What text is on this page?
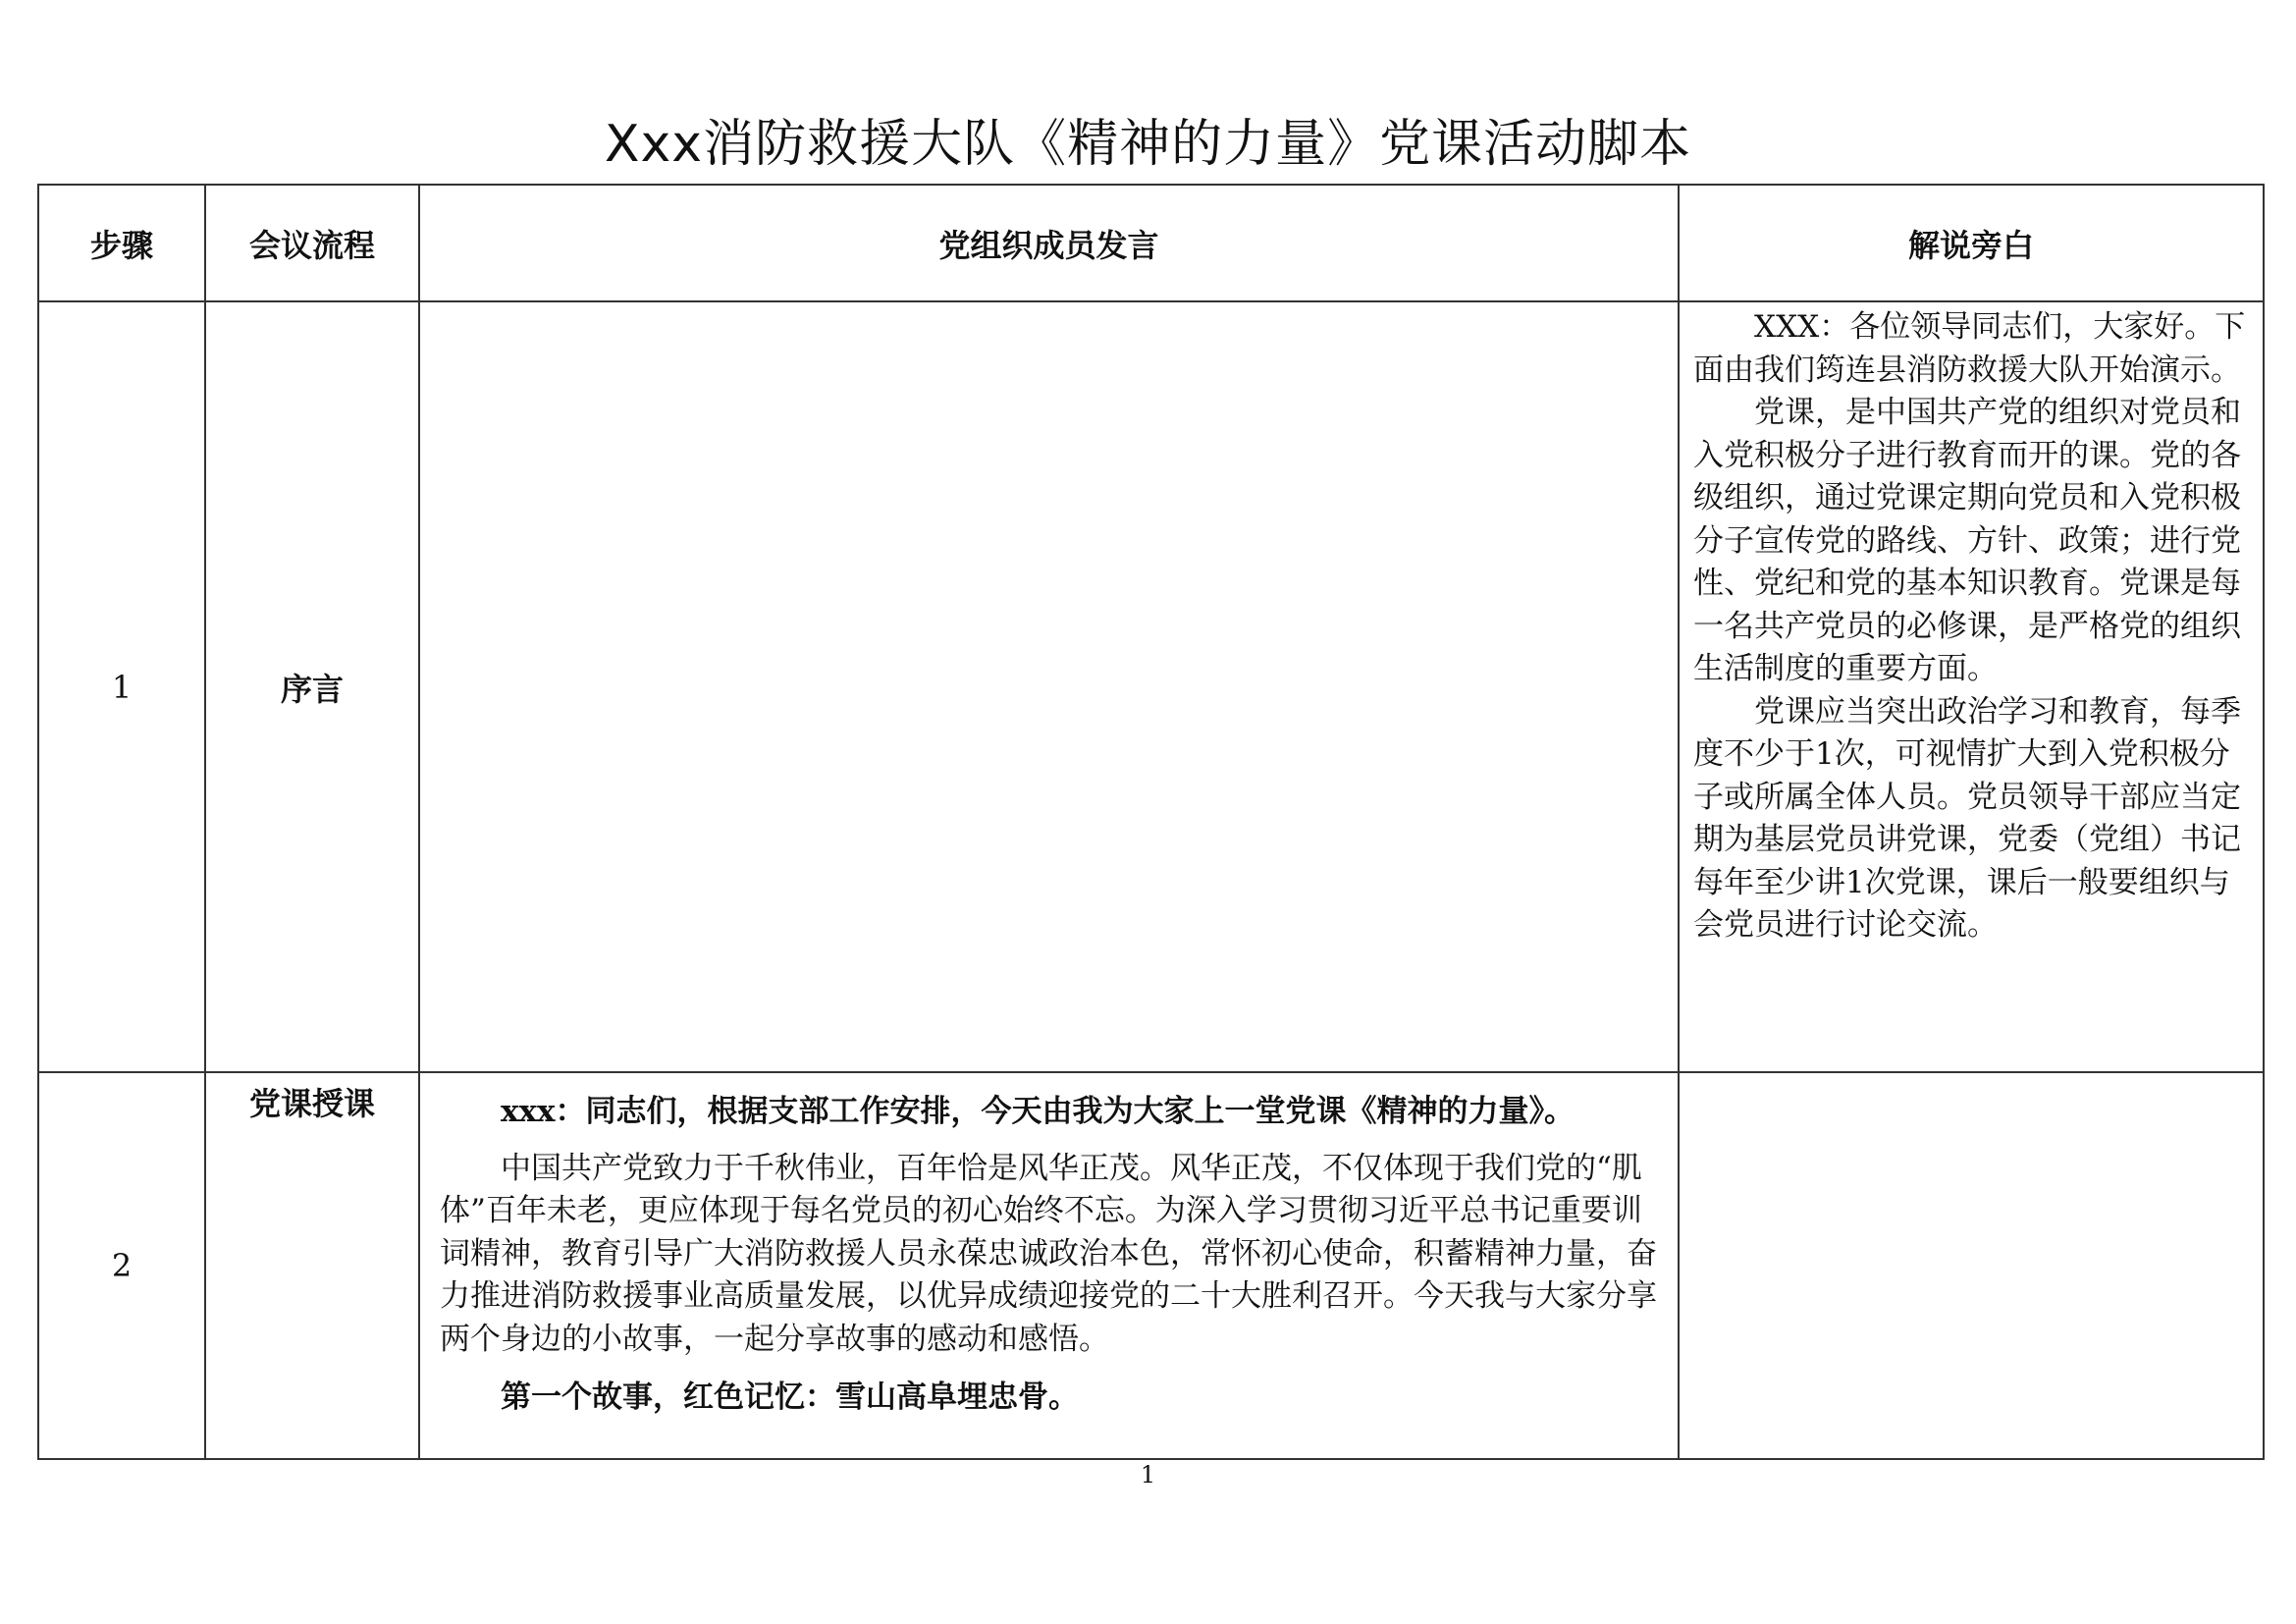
Xxx消防救援大队《精神的力量》党课活动脚本
步骤	会议流程	党组织成员发言	解说旁白
1	序言		XXX：各位领导同志们，大家好。下面由我们筠连县消防救援大队开始演示。

党课，是中国共产党的组织对党员和入党积极分子进行教育而开的课。党的各级组织，通过党课定期向党员和入党积极分子宣传党的路线、方针、政策；进行党性、党纪和党的基本知识教育。党课是每一名共产党员的必修课，是严格党的组织生活制度的重要方面。

党课应当突出政治学习和教育，每季度不少于1次，可视情扩大到入党积极分子或所属全体人员。党员领导干部应当定期为基层党员讲党课，党委（党组）书记每年至少讲1次党课，课后一般要组织与会党员进行讨论交流。

2	党课授课	xxx：同志们，根据支部工作安排，今天由我为大家上一堂党课《精神的力量》。

中国共产党致力于千秋伟业，百年恰是风华正茂。风华正茂，不仅体现于我们党的“肌体”百年未老，更应体现于每名党员的初心始终不忘。为深入学习贯彻习近平总书记重要训词精神，教育引导广大消防救援人员永葆忠诚政治本色，常怀初心使命，积蓄精神力量，奋力推进消防救援事业高质量发展，以优异成绩迎接党的二十大胜利召开。今天我与大家分享两个身边的小故事，一起分享故事的感动和感悟。

第一个故事，红色记忆：雪山高阜埋忠骨。	

1
